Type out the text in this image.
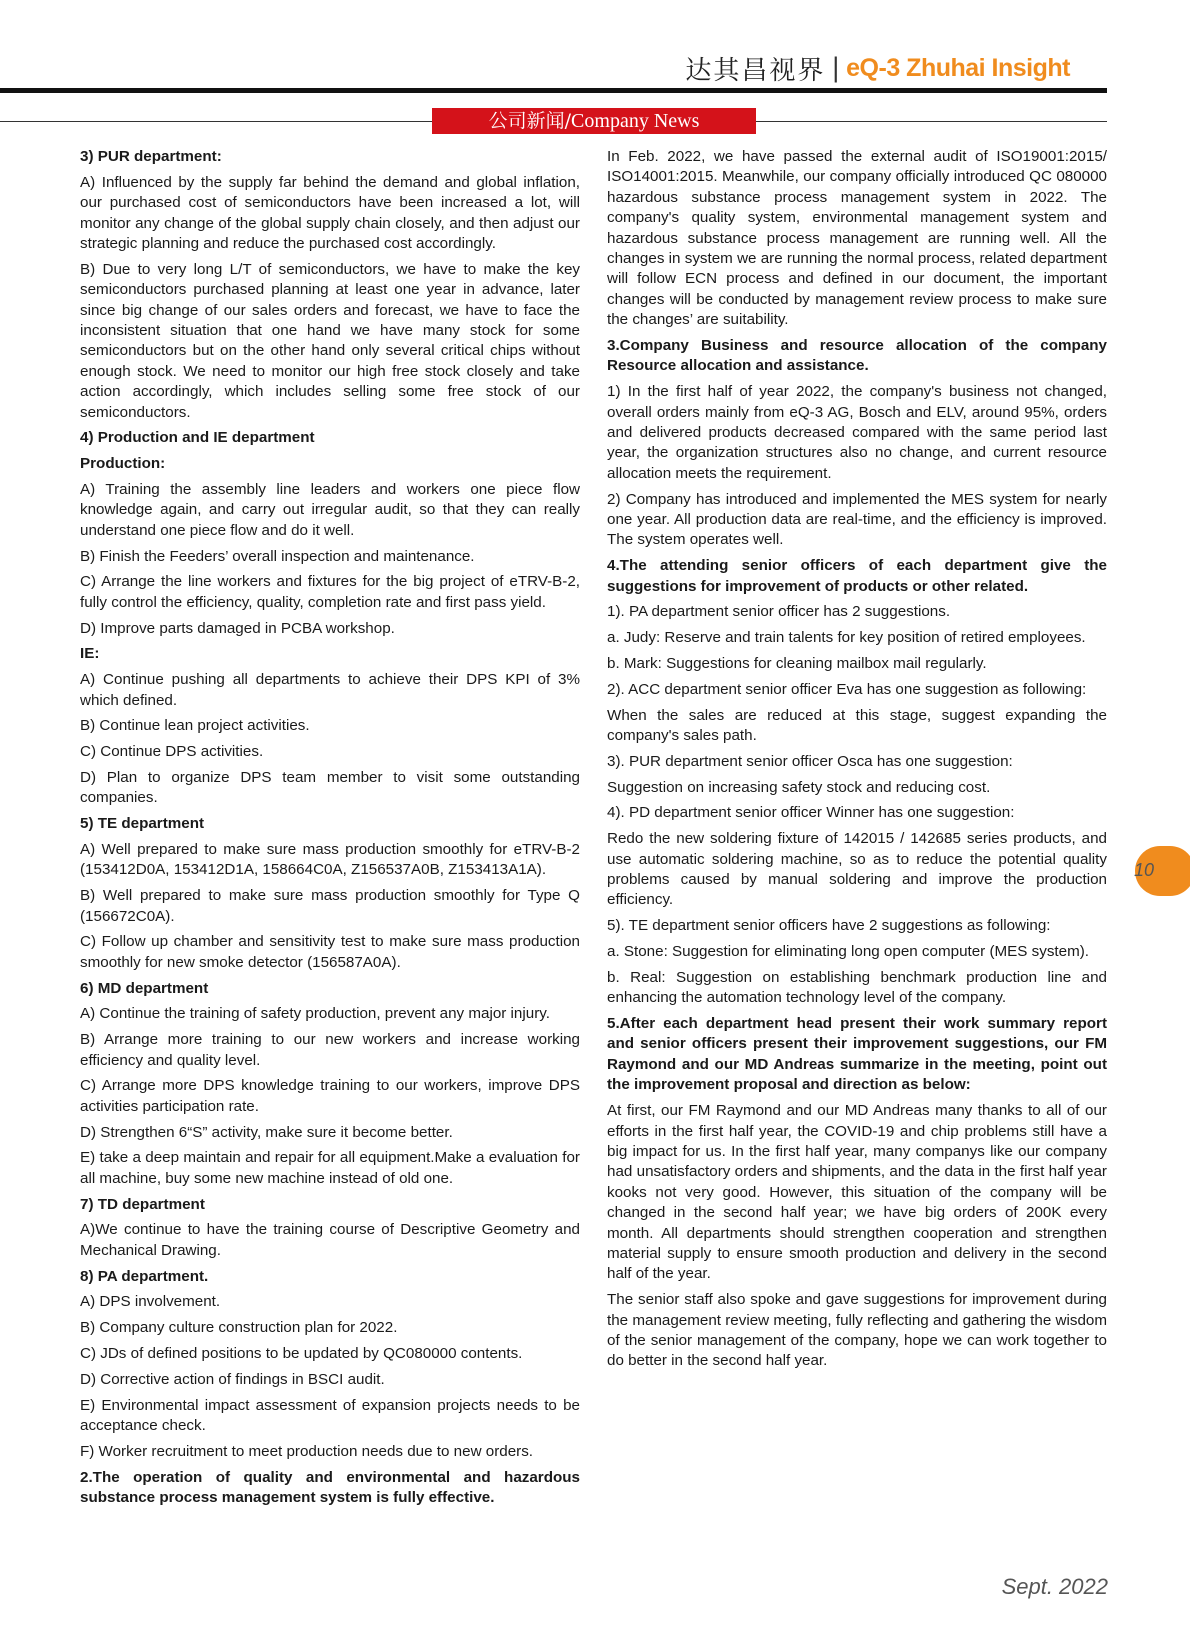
达其昌视界 | eQ-3 Zhuhai Insight
公司新闻/Company News

3) PUR department:

A) Influenced by the supply far behind the demand and global inflation, our purchased cost of semiconductors have been increased a lot, will monitor any change of the global supply chain closely, and then adjust our strategic planning and reduce the purchased cost accordingly.

B) Due to very long L/T of semiconductors, we have to make the key semiconductors purchased planning at least one year in advance, later since big change of our sales orders and forecast, we have to face the inconsistent situation that one hand we have many stock for some semiconductors but on the other hand only several critical chips without enough stock. We need to monitor our high free stock closely and take action accordingly, which includes selling some free stock of our semiconductors.

4) Production and IE department

Production:

A) Training the assembly line leaders and workers one piece flow knowledge again, and carry out irregular audit, so that they can really understand one piece flow and do it well.

B) Finish the Feeders’ overall inspection and maintenance.

C) Arrange the line workers and fixtures for the big project of eTRV-B-2, fully control the efficiency, quality, completion rate and first pass yield.

D) Improve parts damaged in PCBA workshop.

IE:

A) Continue pushing all departments to achieve their DPS KPI of 3% which defined.

B) Continue lean project activities.

C) Continue DPS activities.

D) Plan to organize DPS team member to visit some outstanding companies.

5) TE department

A) Well prepared to make sure mass production smoothly for eTRV-B-2 (153412D0A, 153412D1A, 158664C0A, Z156537A0B, Z153413A1A).

B) Well prepared to make sure mass production smoothly for Type Q (156672C0A).

C) Follow up chamber and sensitivity test to make sure mass production smoothly for new smoke detector (156587A0A).

6) MD department

A) Continue the training of safety production, prevent any major injury.

B) Arrange more training to our new workers and increase working efficiency and quality level.

C) Arrange more DPS knowledge training to our workers, improve DPS activities participation rate.

D) Strengthen 6“S” activity, make sure it become better.

E) take a deep maintain and repair for all equipment.Make a evaluation for all machine, buy some new machine instead of old one.

7) TD department

A)We continue to have the training course of Descriptive Geometry and Mechanical Drawing.

8) PA department.

A) DPS involvement.

B) Company culture construction plan for 2022.

C) JDs of defined positions to be updated by QC080000 contents.

D) Corrective action of findings in BSCI audit.

E) Environmental impact assessment of expansion projects needs to be acceptance check.

F) Worker recruitment to meet production needs due to new orders.

2.The operation of quality and environmental and hazardous substance process management system is fully effective.

In Feb. 2022, we have passed the external audit of ISO19001:2015/ ISO14001:2015. Meanwhile, our company officially introduced QC 080000 hazardous substance process management system in 2022. The company's quality system, environmental management system and hazardous substance process management are running well. All the changes in system we are running the normal process, related department will follow ECN process and defined in our document, the important changes will be conducted by management review process to make sure the changes’ are suitability.

3.Company Business and resource allocation of the company Resource allocation and assistance.

1) In the first half of year 2022, the company's business not changed, overall orders mainly from eQ-3 AG, Bosch and ELV, around 95%, orders and delivered products decreased compared with the same period last year, the organization structures also no change, and current resource allocation meets the requirement.

2) Company has introduced and implemented the MES system for nearly one year. All production data are real-time, and the efficiency is improved. The system operates well.

4.The attending senior officers of each department give the suggestions for improvement of products or other related.

1). PA department senior officer has 2 suggestions.

a. Judy: Reserve and train talents for key position of retired employees.

b. Mark: Suggestions for cleaning mailbox mail regularly.

2). ACC department senior officer Eva has one suggestion as following:

When the sales are reduced at this stage, suggest expanding the company's sales path.

3). PUR department senior officer Osca has one suggestion:

Suggestion on increasing safety stock and reducing cost.

4). PD department senior officer Winner has one suggestion:

Redo the new soldering fixture of 142015 / 142685 series products, and use automatic soldering machine, so as to reduce the potential quality problems caused by manual soldering and improve the production efficiency.

5). TE department senior officers have 2 suggestions as following:

a. Stone: Suggestion for eliminating long open computer (MES system).

b. Real: Suggestion on establishing benchmark production line and enhancing the automation technology level of the company.

5.After each department head present their work summary report and senior officers present their improvement suggestions, our FM Raymond and our MD Andreas summarize in the meeting, point out the improvement proposal and direction as below:

At first, our FM Raymond and our MD Andreas many thanks to all of our efforts in the first half year, the COVID-19 and chip problems still have a big impact for us. In the first half year, many companys like our company had unsatisfactory orders and shipments, and the data in the first half year kooks not very good. However, this situation of the company will be changed in the second half year; we have big orders of 200K every month. All departments should strengthen cooperation and strengthen material supply to ensure smooth production and delivery in the second half of the year.

The senior staff also spoke and gave suggestions for improvement during the management review meeting, fully reflecting and gathering the wisdom of the senior management of the company, hope we can work together to do better in the second half year.

10
Sept. 2022
